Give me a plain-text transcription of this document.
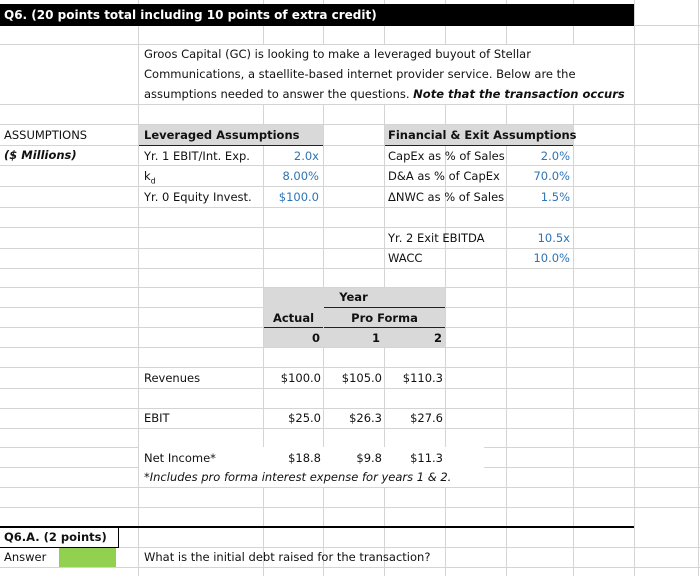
Q6. (20 points total including 10 points of extra credit)
Groos Capital (GC) is looking to make a leveraged buyout of Stellar
Communications, a staellite-based internet provider service. Below are the
assumptions needed to answer the questions. Note that the transaction occurs
ASSUMPTIONS
($ Millions)
Leveraged Assumptions
Yr. 1 EBIT/Int. Exp.	2.0x
$k_d$	8.00%
Yr. 0 Equity Invest.	$100.0
Financial & Exit Assumptions
CapEx as % of Sales	2.0%
D&A as % of CapEx	70.0%
ΔNWC as % of Sales	1.5%
Yr. 2 Exit EBITDA	10.5x
WACC	10.0%
Year
Actual	Pro Forma
0	1	2
Revenues	$100.0	$105.0	$110.3
EBIT	$25.0	$26.3	$27.6
Net Income*	$18.8	$9.8	$11.3
*Includes pro forma interest expense for years 1 & 2.
Q6.A. (2 points)
Answer	What is the initial debt raised for the transaction?
